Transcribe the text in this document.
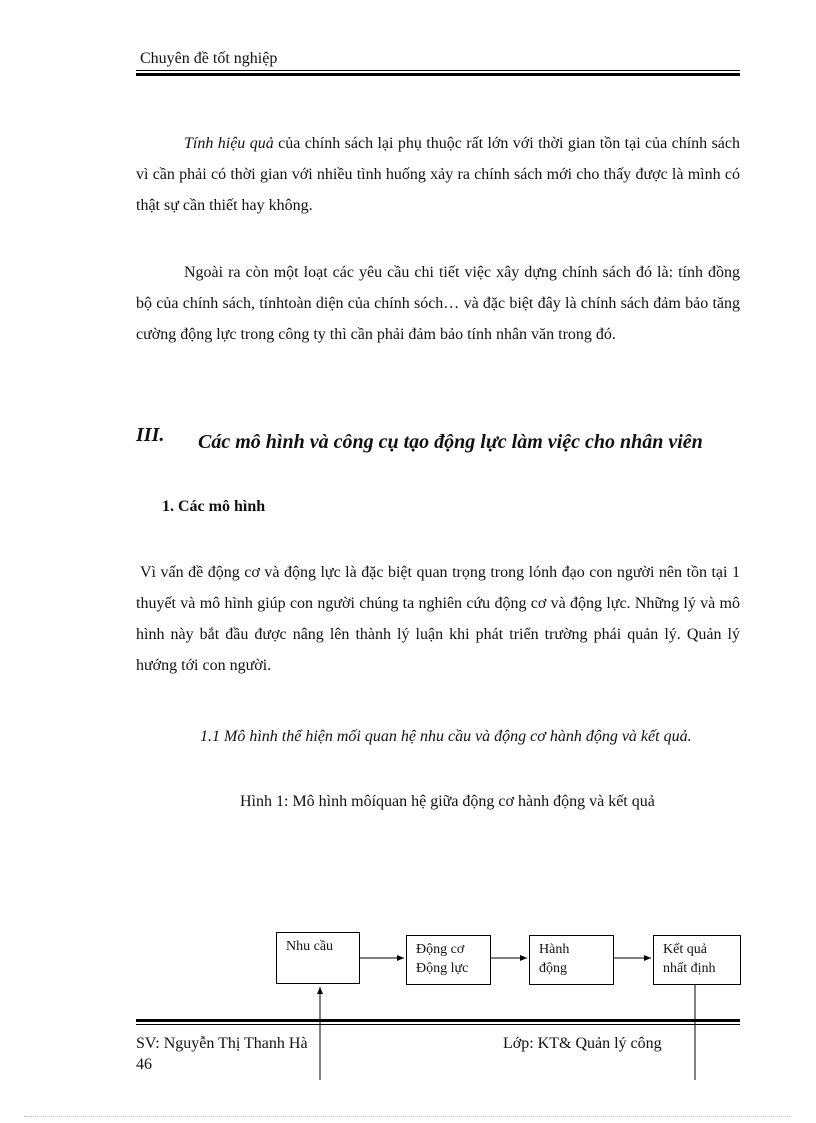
Chuyên đề tốt nghiệp
Tính hiệu quả của chính sách lại phụ thuộc rất lớn với thời gian tồn tại của chính sách vì cần phải có thời gian với nhiều tình huống xảy ra chính sách mới cho thấy được là mình có thật sự cần thiết hay không.
Ngoài ra còn một loạt các yêu cầu chi tiết việc xây dựng chính sách đó là: tính đồng bộ của chính sách, tínhtoàn diện của chính sóch… và đặc biệt đây là chính sách đảm bảo tăng cường động lực trong công ty thì cần phải đảm bảo tính nhân văn trong đó.
III. Các mô hình và công cụ tạo động lực làm việc cho nhân viên
1. Các mô hình
Vì vấn đề động cơ và động lực là đặc biệt quan trọng trong lónh đạo con người nên tồn tại 1 thuyết và mô hình giúp con người chúng ta nghiên cứu động cơ và động lực. Những lý và mô hình này bắt đầu được nâng lên thành lý luận khi phát triển trường phái quản lý. Quản lý hướng tới con người.
1.1 Mô hình thể hiện mối quan hệ nhu cầu và động cơ hành động và kết quả.
Hình 1: Mô hình môíquan hệ giữa động cơ hành động và kết quả
Nhu cầu	Động cơ
Động lực
Hành
động
Kết quả
nhất định
SV: Nguyễn Thị Thanh Hà
46
Lớp: KT& Quản lý công
